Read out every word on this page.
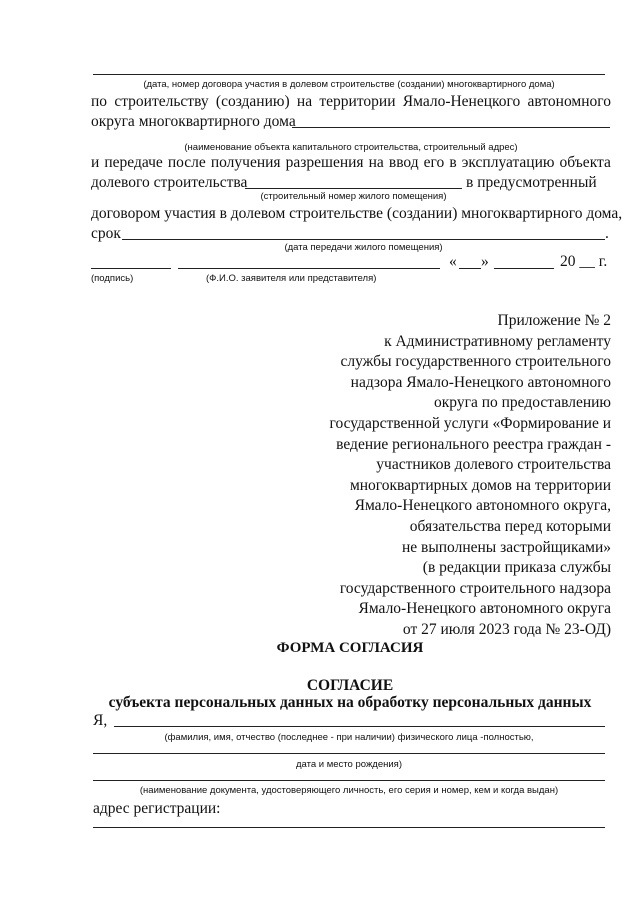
(дата, номер договора участия в долевом строительстве (создании) многоквартирного дома)
по строительству (созданию) на территории Ямало-Ненецкого автономного
округа многоквартирного дома
(наименование объекта капитального строительства, строительный адрес)
и передаче после получения разрешения на ввод его в эксплуатацию объекта
долевого строительства	в предусмотренный
(строительный номер жилого помещения)
договором участия в долевом строительстве (создании) многоквартирного дома,
срок	.
(дата передачи жилого помещения)
« »	20 __ г.
(подпись)	(Ф.И.О. заявителя или представителя)
Приложение № 2
к Административному регламенту
службы государственного строительного
надзора Ямало-Ненецкого автономного
округа по предоставлению
государственной услуги «Формирование и
ведение регионального реестра граждан -
участников долевого строительства
многоквартирных домов на территории
Ямало-Ненецкого автономного округа,
обязательства перед которыми
не выполнены застройщиками»
(в редакции приказа службы
государственного строительного надзора
Ямало-Ненецкого автономного округа
от 27 июля 2023 года № 23-ОД)
ФОРМА СОГЛАСИЯ
СОГЛАСИЕ
субъекта персональных данных на обработку персональных данных
Я,
(фамилия, имя, отчество (последнее - при наличии) физического лица -полностью,
дата и место рождения)
(наименование документа, удостоверяющего личность, его серия и номер, кем и когда выдан)
адрес регистрации:
